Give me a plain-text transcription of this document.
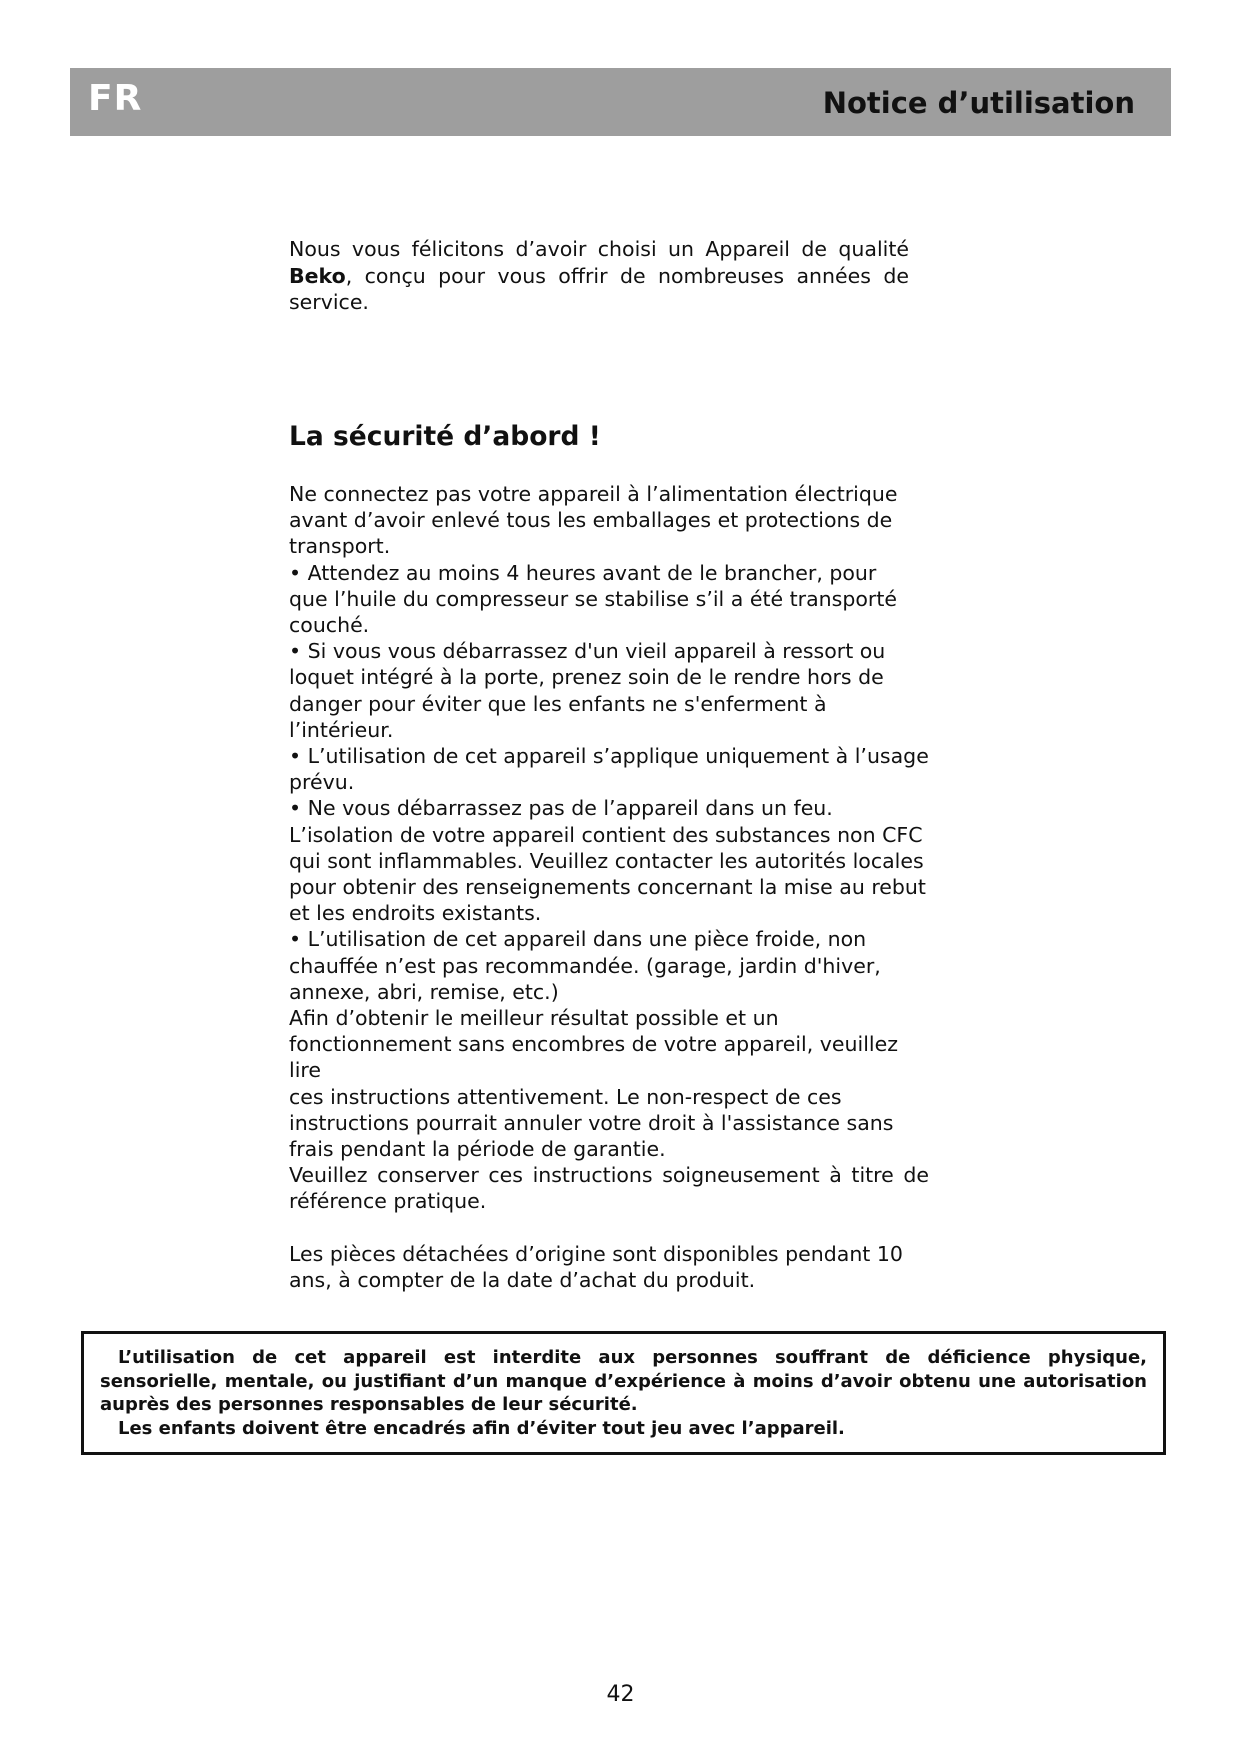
FR	Notice d’utilisation
Nous vous félicitons d’avoir choisi un Appareil de qualité Beko, conçu pour vous offrir de nombreuses années de service.
La sécurité d’abord !

Ne connectez pas votre appareil à l’alimentation électrique

avant d’avoir enlevé tous les emballages et protections de

transport.

• Attendez au moins 4 heures avant de le brancher, pour

que l’huile du compresseur se stabilise s’il a été transporté

couché.

• Si vous vous débarrassez d'un vieil appareil à ressort ou

loquet intégré à la porte, prenez soin de le rendre hors de

danger pour éviter que les enfants ne s'enferment à l’intérieur.

• L’utilisation de cet appareil s’applique uniquement à l’usage

prévu.

• Ne vous débarrassez pas de l’appareil dans un feu.

L’isolation de votre appareil contient des substances non CFC

qui sont inflammables. Veuillez contacter les autorités locales

pour obtenir des renseignements concernant la mise au rebut

et les endroits existants.

• L’utilisation de cet appareil dans une pièce froide, non

chauffée n’est pas recommandée. (garage, jardin d'hiver,

annexe, abri, remise, etc.)

Afin d’obtenir le meilleur résultat possible et un

fonctionnement sans encombres de votre appareil, veuillez lire

ces instructions attentivement. Le non-respect de ces

instructions pourrait annuler votre droit à l'assistance sans

frais pendant la période de garantie.

Veuillez conserver ces instructions soigneusement à titre de

référence pratique.

Les pièces détachées d’origine sont disponibles pendant 10

ans, à compter de la date d’achat du produit.

L’utilisation de cet appareil est interdite aux personnes souffrant de déficience physique, sensorielle, mentale, ou justifiant d’un manque d’expérience à moins d’avoir obtenu une autorisation auprès des personnes responsables de leur sécurité.

Les enfants doivent être encadrés afin d’éviter tout jeu avec l’appareil.

42
